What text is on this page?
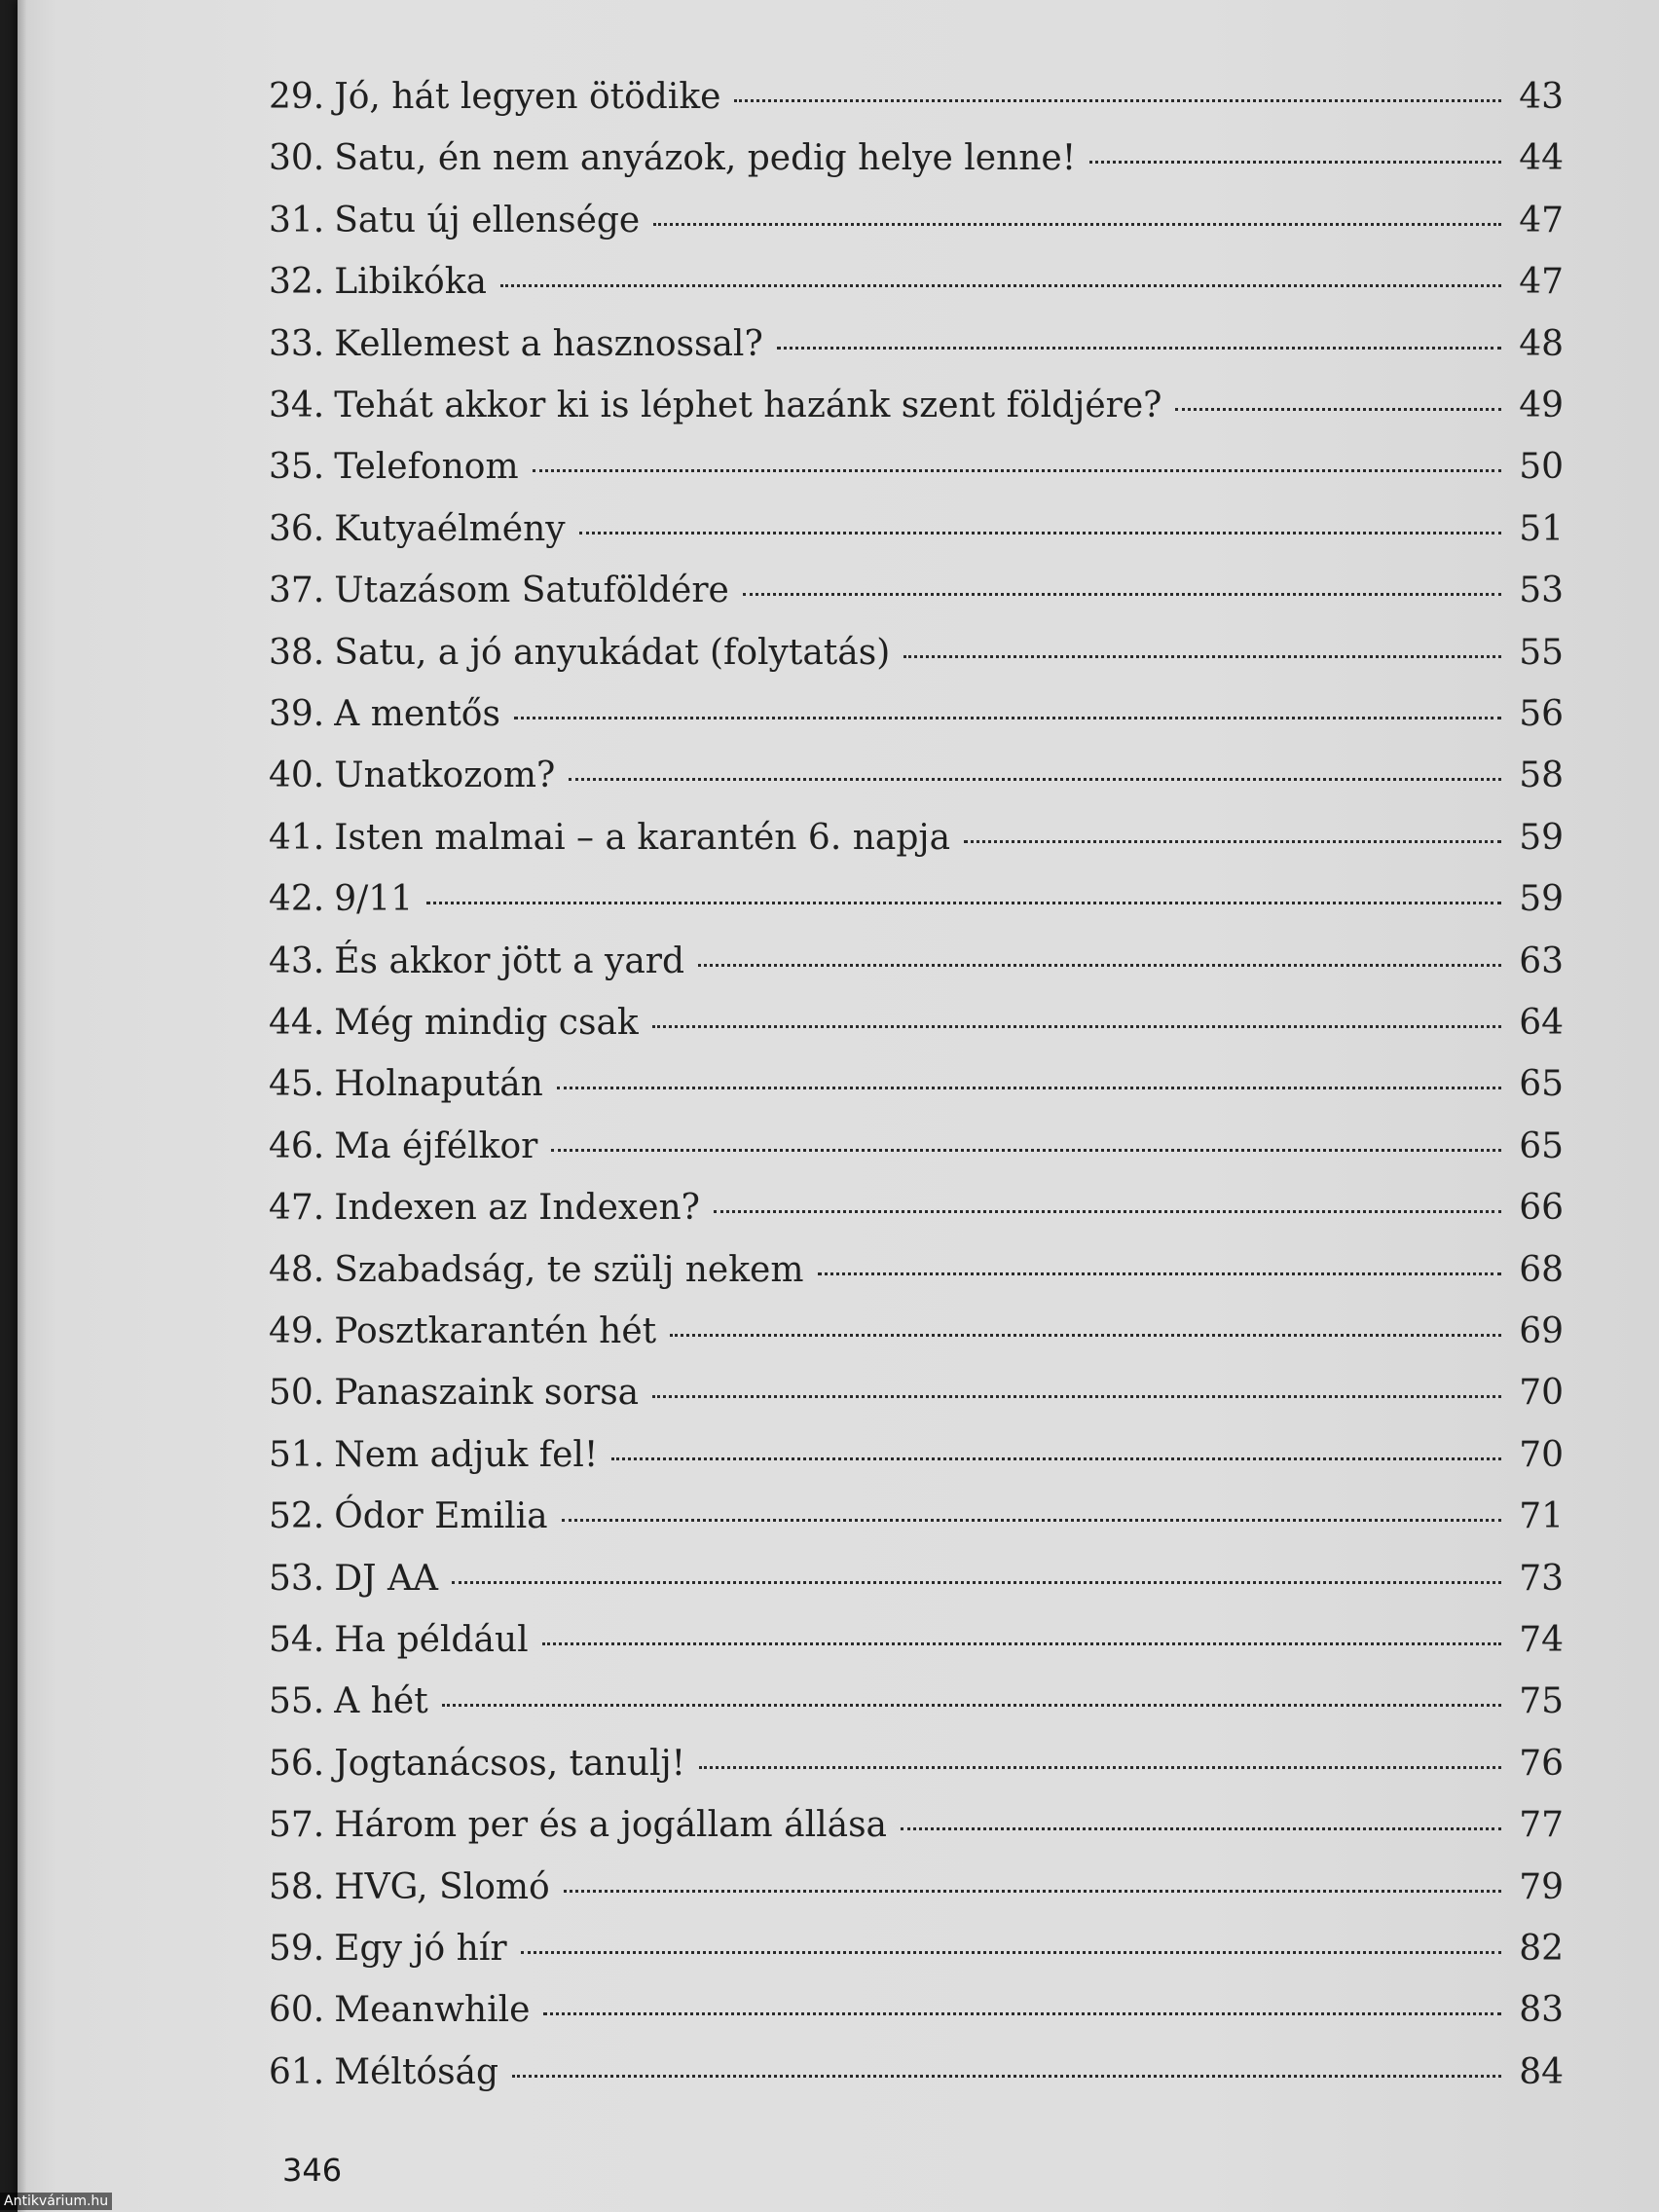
29. Jó, hát legyen ötödike	43
30. Satu, én nem anyázok, pedig helye lenne!	44
31. Satu új ellensége	47
32. Libikóka	47
33. Kellemest a hasznossal?	48
34. Tehát akkor ki is léphet hazánk szent földjére?	49
35. Telefonom	50
36. Kutyaélmény	51
37. Utazásom Satuföldére	53
38. Satu, a jó anyukádat (folytatás)	55
39. A mentős	56
40. Unatkozom?	58
41. Isten malmai – a karantén 6. napja	59
42. 9/11	59
43. És akkor jött a yard	63
44. Még mindig csak	64
45. Holnapután	65
46. Ma éjfélkor	65
47. Indexen az Indexen?	66
48. Szabadság, te szülj nekem	68
49. Posztkarantén hét	69
50. Panaszaink sorsa	70
51. Nem adjuk fel!	70
52. Ódor Emilia	71
53. DJ AA	73
54. Ha például	74
55. A hét	75
56. Jogtanácsos, tanulj!	76
57. Három per és a jogállam állása	77
58. HVG, Slomó	79
59. Egy jó hír	82
60. Meanwhile	83
61. Méltóság	84
346
Antikvárium.hu
